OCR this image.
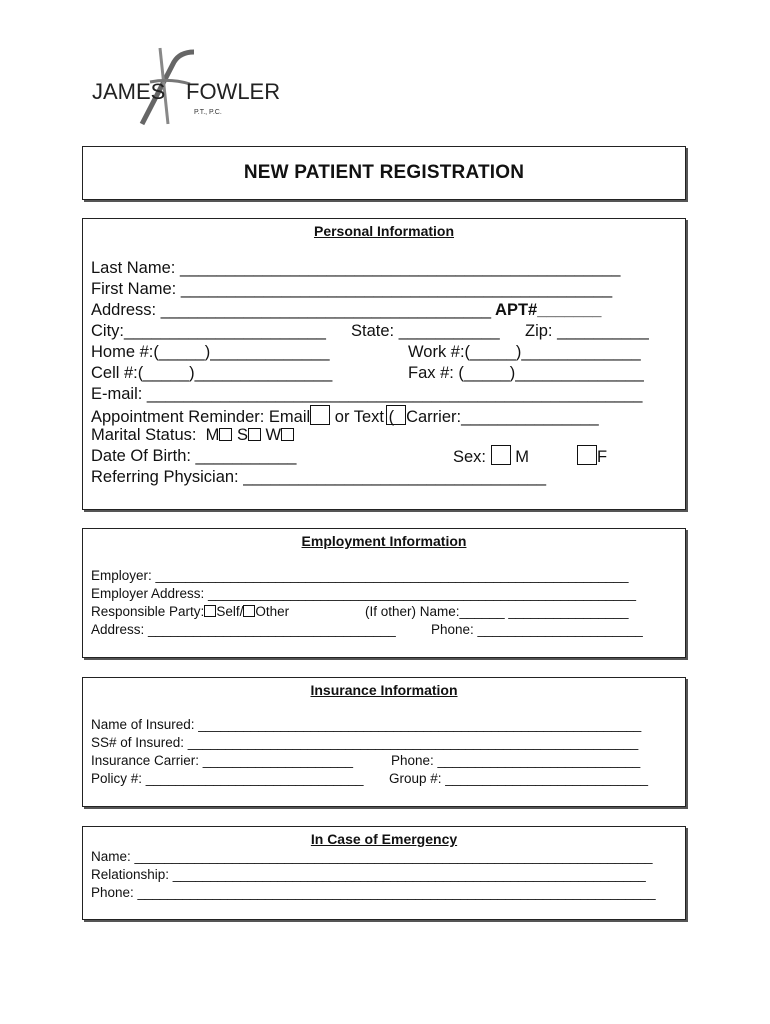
JAMES FOWLER
P.T., P.C.
NEW PATIENT REGISTRATION
Personal Information
Last Name: ________________________________________________
First Name: _______________________________________________
Address: ____________________________________ APT#_______
City:______________________ State: ___________ Zip: __________
Home #:(_____)_____________	Work #:(_____)_____________
Cell #:(_____)_______________	Fax #: (_____)______________
E-mail: ______________________________________________________
Appointment Reminder: Email or Text ( Carrier:_______________
Marital Status:  M S W
Date Of Birth: ___________	Sex:  M	F
Referring Physician: _________________________________
Employment Information
Employer: _______________________________________________________________
Employer Address: _________________________________________________________
Responsible Party: Self/ Other	(If other) Name:______ ________________
Address: _________________________________	Phone: ______________________
Insurance Information
Name of Insured: ___________________________________________________________
SS# of Insured: ____________________________________________________________
Insurance Carrier: ____________________	Phone: ___________________________
Policy #: _____________________________ Group #: ___________________________
In Case of Emergency
Name: _____________________________________________________________________
Relationship: _______________________________________________________________
Phone: _____________________________________________________________________
